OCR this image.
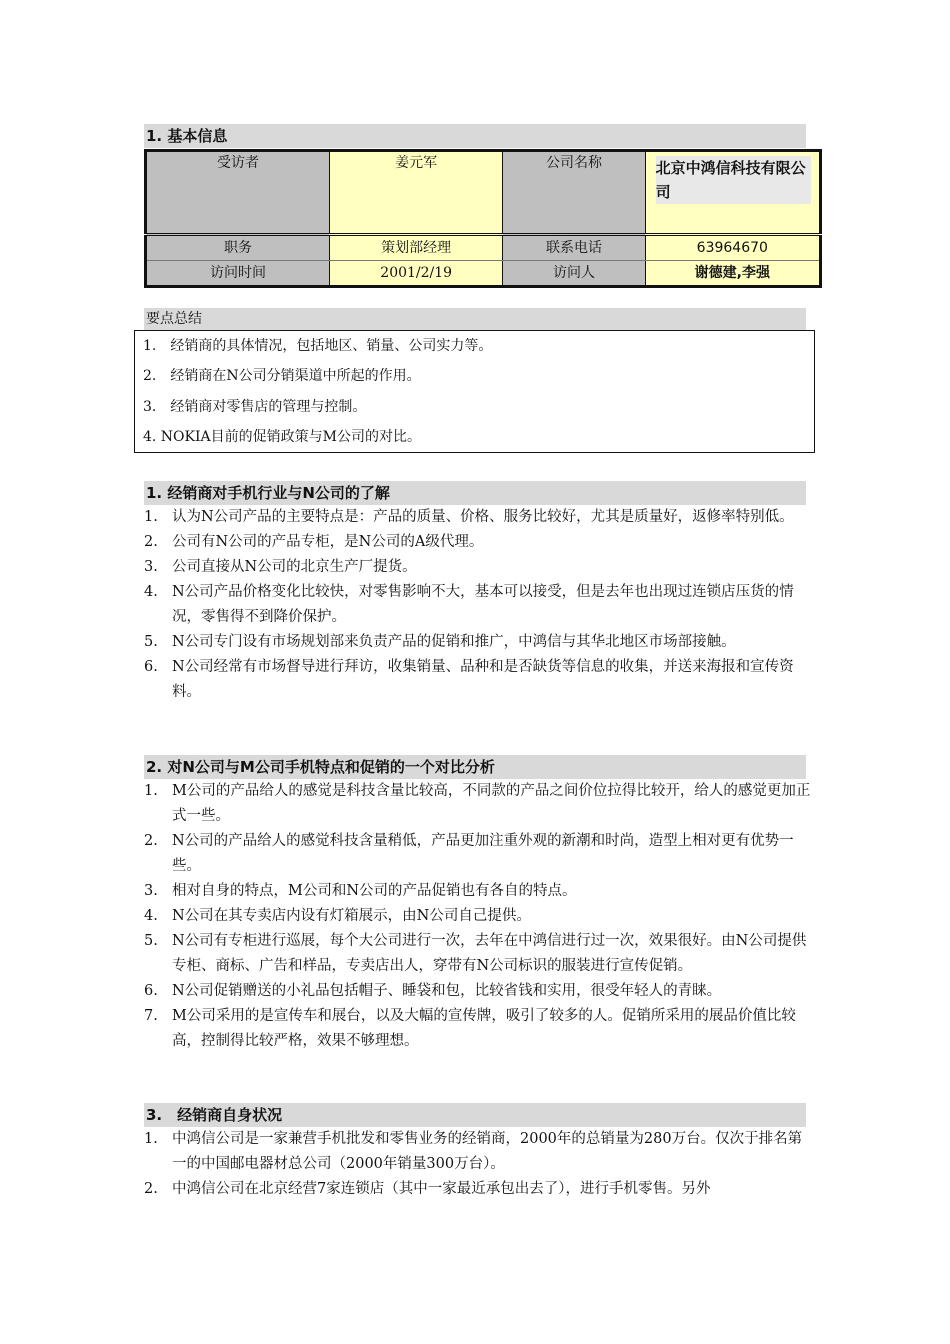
1. 基本信息
受访者	姜元军	公司名称	北京中鸿信科技有限公司

职务	策划部经理	联系电话	63964670
访问时间	2001/2/19	访问人	谢德建,李强
要点总结
1.　经销商的具体情况，包括地区、销量、公司实力等。
2.　经销商在N公司分销渠道中所起的作用。
3.　经销商对零售店的管理与控制。
4. NOKIA目前的促销政策与M公司的对比。
1. 经销商对手机行业与N公司的了解
1. 认为N公司产品的主要特点是：产品的质量、价格、服务比较好，尤其是质量好，返修率特别低。
2. 公司有N公司的产品专柜，是N公司的A级代理。
3. 公司直接从N公司的北京生产厂提货。
4. N公司产品价格变化比较快，对零售影响不大，基本可以接受，但是去年也出现过连锁店压货的情况，零售得不到降价保护。
5. N公司专门设有市场规划部来负责产品的促销和推广，中鸿信与其华北地区市场部接触。
6. N公司经常有市场督导进行拜访，收集销量、品种和是否缺货等信息的收集，并送来海报和宣传资料。
2. 对N公司与M公司手机特点和促销的一个对比分析
1. M公司的产品给人的感觉是科技含量比较高，不同款的产品之间价位拉得比较开，给人的感觉更加正式一些。
2. N公司的产品给人的感觉科技含量稍低，产品更加注重外观的新潮和时尚，造型上相对更有优势一些。
3. 相对自身的特点，M公司和N公司的产品促销也有各自的特点。
4. N公司在其专卖店内设有灯箱展示，由N公司自己提供。
5. N公司有专柜进行巡展，每个大公司进行一次，去年在中鸿信进行过一次，效果很好。由N公司提供专柜、商标、广告和样品，专卖店出人，穿带有N公司标识的服装进行宣传促销。
6. N公司促销赠送的小礼品包括帽子、睡袋和包，比较省钱和实用，很受年轻人的青睐。
7. M公司采用的是宣传车和展台，以及大幅的宣传牌，吸引了较多的人。促销所采用的展品价值比较高，控制得比较严格，效果不够理想。
3.　经销商自身状况
1. 中鸿信公司是一家兼营手机批发和零售业务的经销商，2000年的总销量为280万台。仅次于排名第一的中国邮电器材总公司（2000年销量300万台）。
2. 中鸿信公司在北京经营7家连锁店（其中一家最近承包出去了），进行手机零售。另外
